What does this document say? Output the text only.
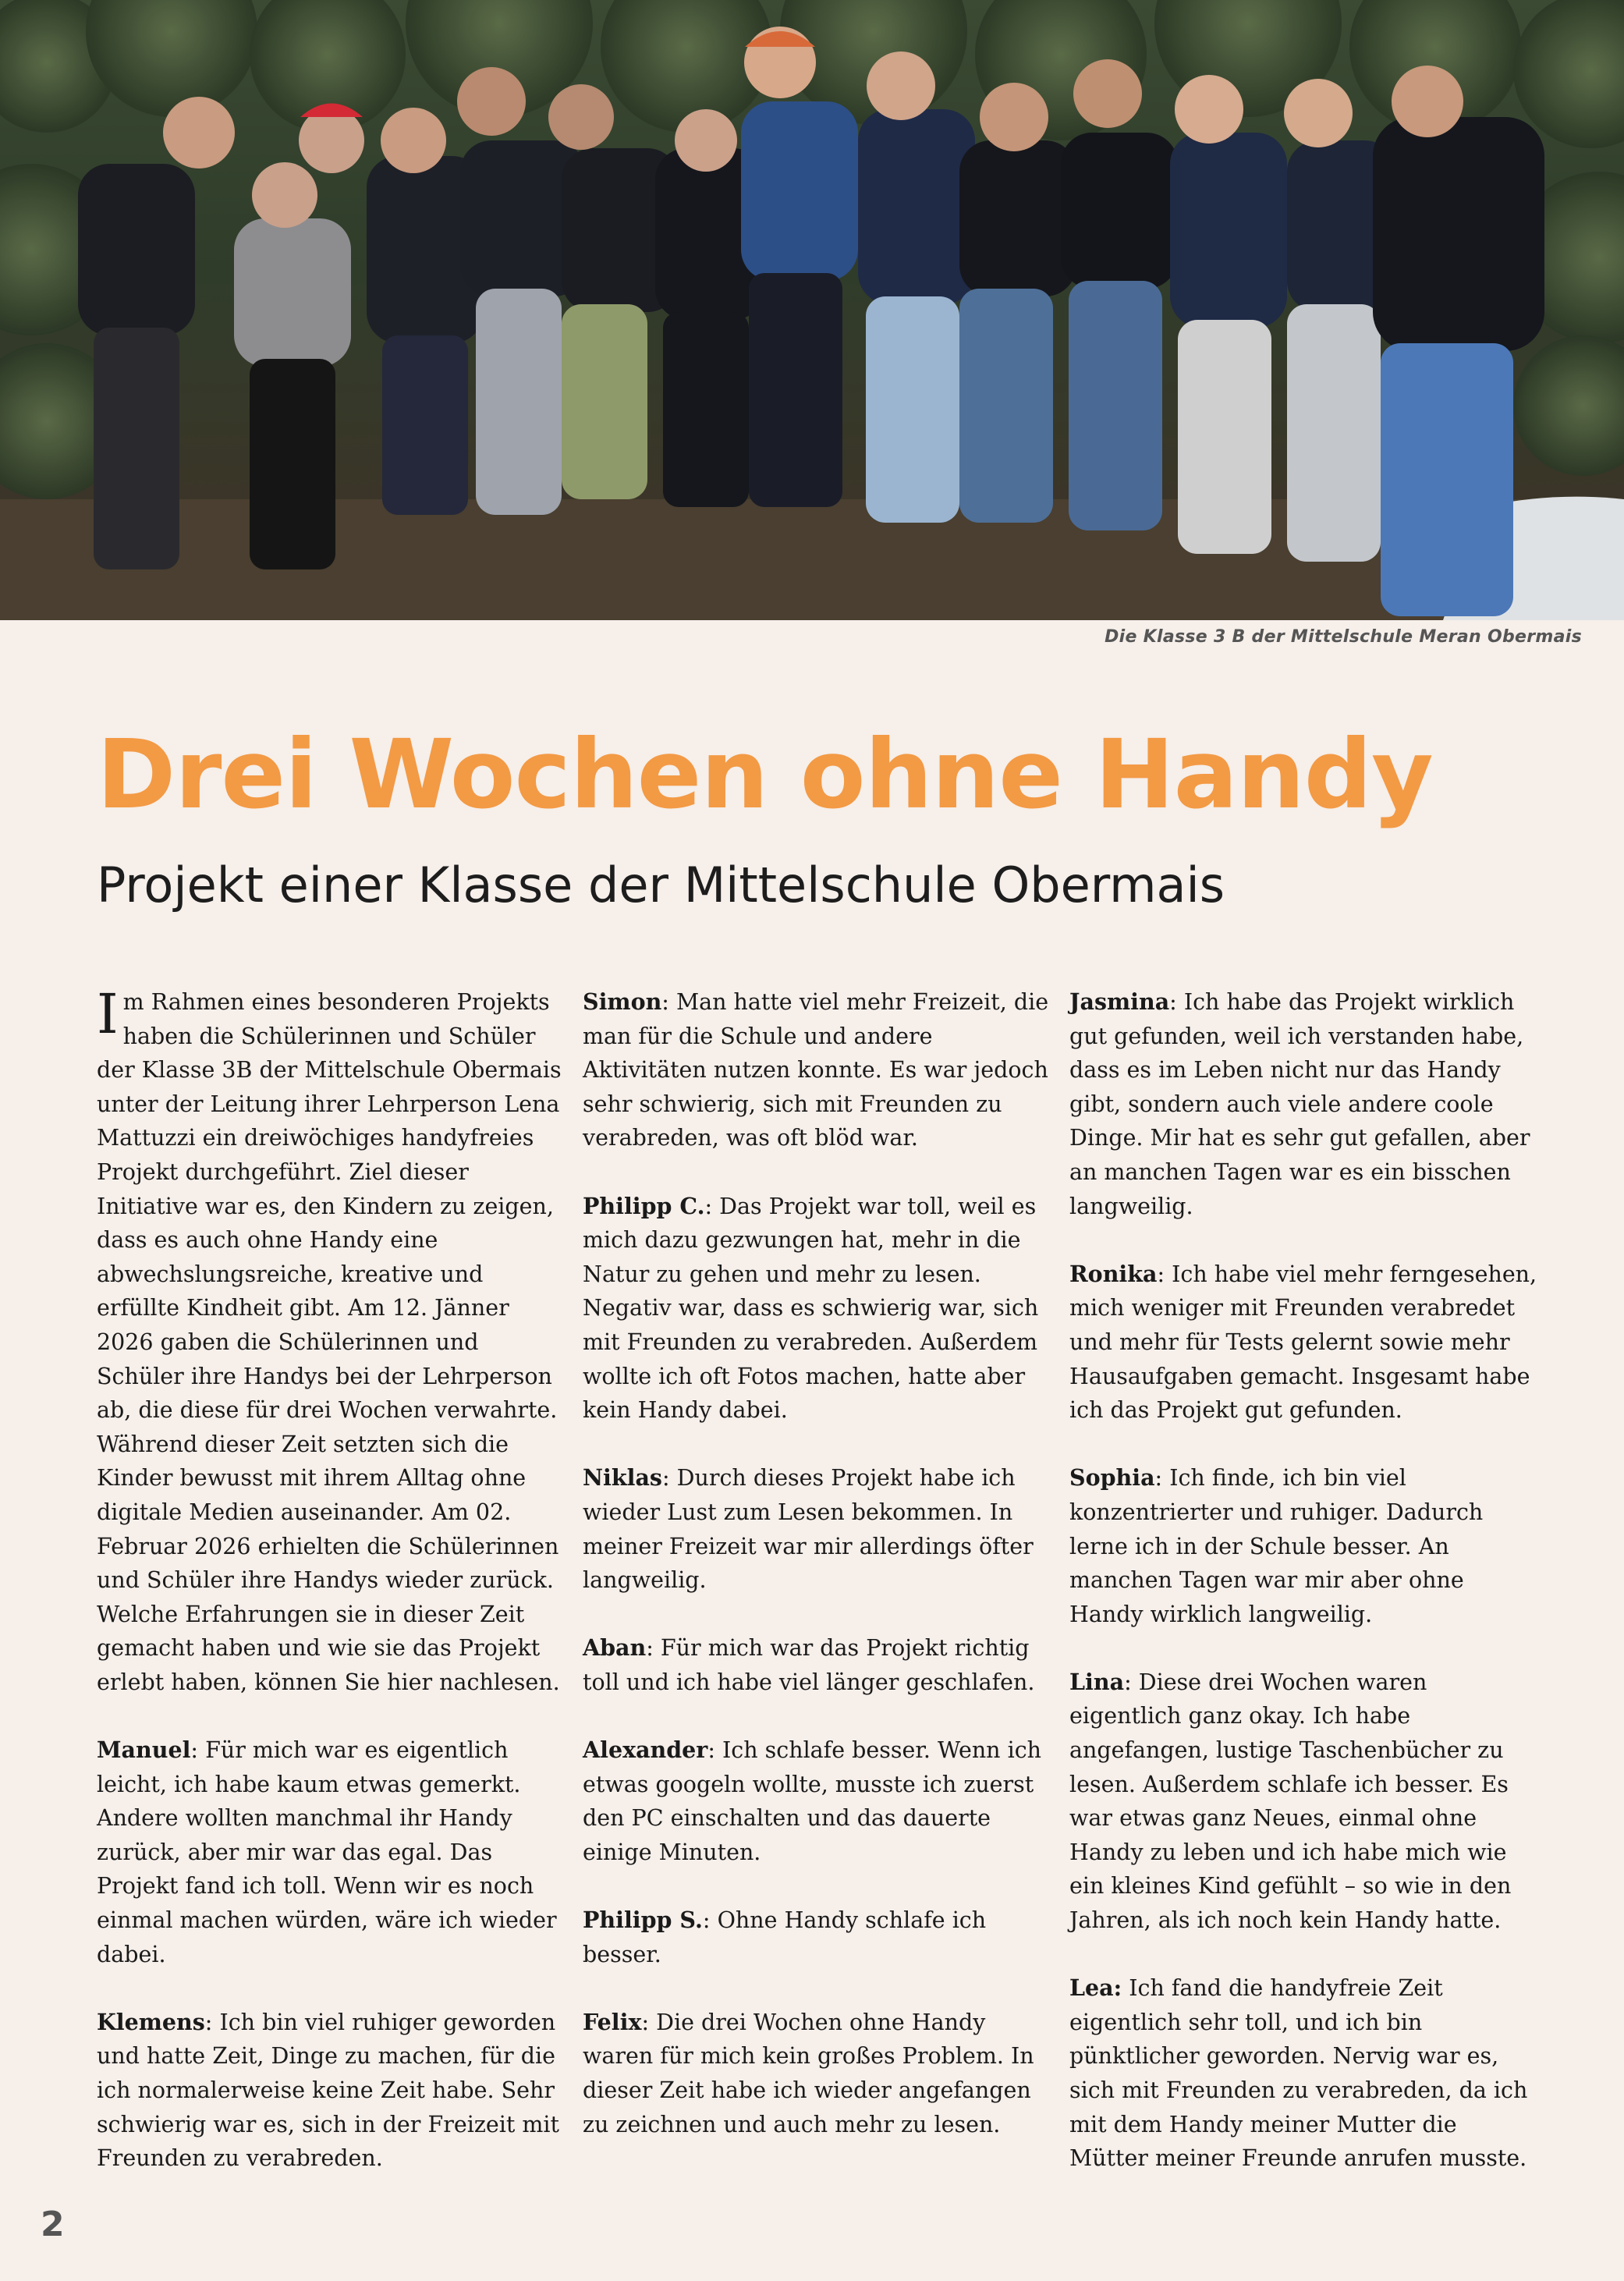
Die Klasse 3 B der Mittelschule Meran Obermais
Drei Wochen ohne Handy
Projekt einer Klasse der Mittelschule Obermais

Im Rahmen eines besonderen Projekts haben die Schülerinnen und Schüler der Klasse 3B der Mittelschule Obermais unter der Leitung ihrer Lehrperson Lena Mattuzzi ein dreiwöchiges handyfreies Projekt durchgeführt. Ziel dieser Initiative war es, den Kindern zu zeigen, dass es auch ohne Handy eine abwechslungsreiche, kreative und erfüllte Kindheit gibt. Am 12. Jänner 2026 gaben die Schülerinnen und Schüler ihre Handys bei der Lehrperson ab, die diese für drei Wochen verwahrte. Während dieser Zeit setzten sich die Kinder bewusst mit ihrem Alltag ohne digitale Medien auseinander. Am 02. Februar 2026 erhielten die Schülerinnen und Schüler ihre Handys wieder zurück. Welche Erfahrungen sie in dieser Zeit gemacht haben und wie sie das Projekt erlebt haben, können Sie hier nachlesen.

Manuel: Für mich war es eigentlich leicht, ich habe kaum etwas gemerkt. Andere wollten manchmal ihr Handy zurück, aber mir war das egal. Das Projekt fand ich toll. Wenn wir es noch einmal machen würden, wäre ich wieder dabei.

Klemens: Ich bin viel ruhiger geworden und hatte Zeit, Dinge zu machen, für die ich normalerweise keine Zeit habe. Sehr schwierig war es, sich in der Freizeit mit Freunden zu verabreden.

Simon: Man hatte viel mehr Freizeit, die man für die Schule und andere Aktivitäten nutzen konnte. Es war jedoch sehr schwierig, sich mit Freunden zu verabreden, was oft blöd war.

Philipp C.: Das Projekt war toll, weil es mich dazu gezwungen hat, mehr in die Natur zu gehen und mehr zu lesen. Negativ war, dass es schwierig war, sich mit Freunden zu verabreden. Außerdem wollte ich oft Fotos machen, hatte aber kein Handy dabei.

Niklas: Durch dieses Projekt habe ich wieder Lust zum Lesen bekommen. In meiner Freizeit war mir allerdings öfter langweilig.

Aban: Für mich war das Projekt richtig toll und ich habe viel länger geschlafen.

Alexander: Ich schlafe besser. Wenn ich etwas googeln wollte, musste ich zuerst den PC einschalten und das dauerte einige Minuten.

Philipp S.: Ohne Handy schlafe ich besser.

Felix: Die drei Wochen ohne Handy waren für mich kein großes Problem. In dieser Zeit habe ich wieder angefangen zu zeichnen und auch mehr zu lesen.

Jasmina: Ich habe das Projekt wirklich gut gefunden, weil ich verstanden habe, dass es im Leben nicht nur das Handy gibt, sondern auch viele andere coole Dinge. Mir hat es sehr gut gefallen, aber an manchen Tagen war es ein bisschen langweilig.

Ronika: Ich habe viel mehr ferngesehen, mich weniger mit Freunden verabredet und mehr für Tests gelernt sowie mehr Hausaufgaben gemacht. Insgesamt habe ich das Projekt gut gefunden.

Sophia: Ich finde, ich bin viel konzentrierter und ruhiger. Dadurch lerne ich in der Schule besser. An manchen Tagen war mir aber ohne Handy wirklich langweilig.

Lina: Diese drei Wochen waren eigentlich ganz okay. Ich habe angefangen, lustige Taschenbücher zu lesen. Außerdem schlafe ich besser. Es war etwas ganz Neues, einmal ohne Handy zu leben und ich habe mich wie ein kleines Kind gefühlt – so wie in den Jahren, als ich noch kein Handy hatte.

Lea: Ich fand die handyfreie Zeit eigentlich sehr toll, und ich bin pünktlicher geworden. Nervig war es, sich mit Freunden zu verabreden, da ich mit dem Handy meiner Mutter die Mütter meiner Freunde anrufen musste.

2
